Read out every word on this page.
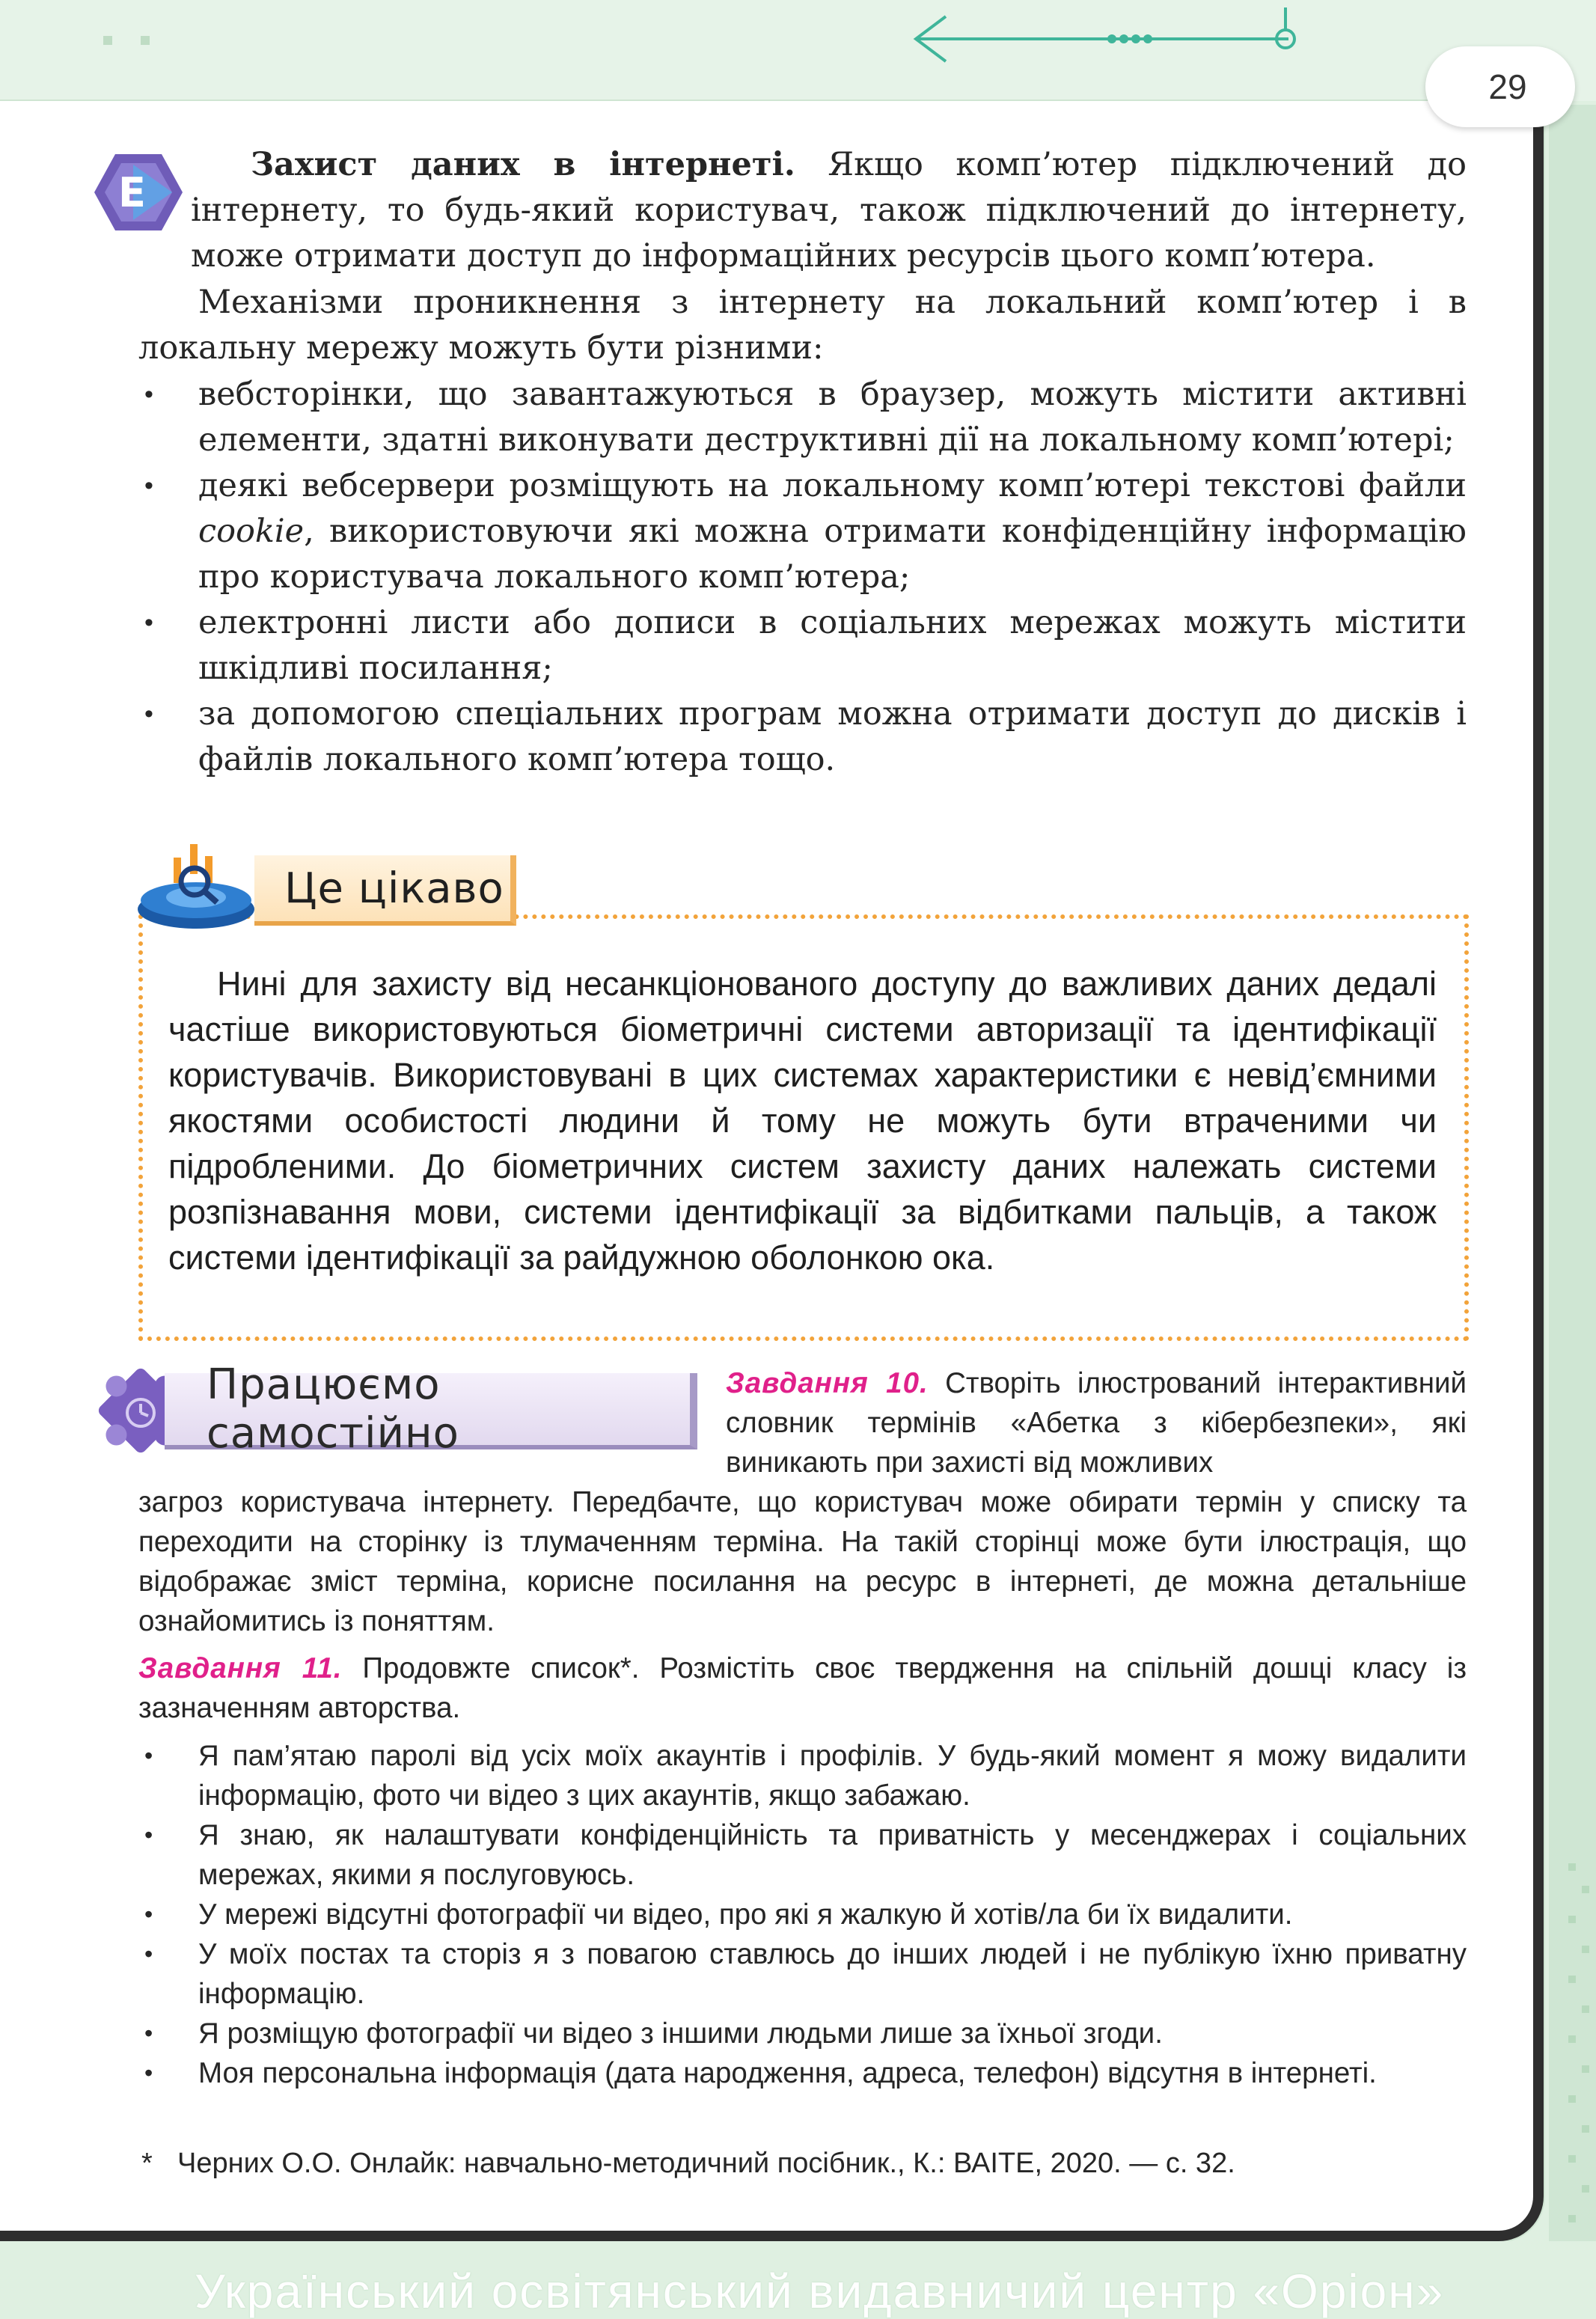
29
E

Захист даних в інтернеті. Якщо комп’ютер підключений до інтернету, то будь-який користувач, також підключений до інтернету, може отримати доступ до інформаційних ресурсів цього комп’ютера.

Механізми проникнення з інтернету на локальний комп’ютер і в локальну мережу можуть бути різними:

• вебсторінки, що завантажуються в браузер, можуть містити активні елементи, здатні виконувати деструктивні дії на локальному комп’ютері;
• деякі вебсервери розміщують на локальному комп’ютері текстові файли cookie, використовуючи які можна отримати конфіденційну інформацію про користувача локального комп’ютера;
• електронні листи або дописи в соціальних мережах можуть містити шкідливі посилання;
• за допомогою спеціальних програм можна отримати доступ до дисків і файлів локального комп’ютера тощо.
Це цікаво

Нині для захисту від несанкціонованого доступу до важливих даних дедалі частіше використовуються біометричні системи авторизації та ідентифікації користувачів. Використовувані в цих системах характеристики є невід’ємними якостями особистості людини й тому не можуть бути втраченими чи підробленими. До біометричних систем захисту даних належать системи розпізнавання мови, системи ідентифікації за відбитками пальців, а також системи ідентифікації за райдужною оболонкою ока.

Працюємо самостійно

Завдання 10. Створіть ілюстрований інтерактивний словник термінів «Абетка з кібербезпеки», які виникають при захисті від можливих

загроз користувача інтернету. Передбачте, що користувач може обирати термін у списку та переходити на сторінку із тлумаченням терміна. На такій сторінці може бути ілюстрація, що відображає зміст терміна, корисне посилання на ресурс в інтернеті, де можна детальніше ознайомитись із поняттям.

Завдання 11. Продовжте список*. Розмістіть своє твердження на спільній дошці класу із зазначенням авторства.

• Я пам’ятаю паролі від усіх моїх акаунтів і профілів. У будь-який момент я можу видалити інформацію, фото чи відео з цих акаунтів, якщо забажаю.
• Я знаю, як налаштувати конфіденційність та приватність у месенджерах і соціальних мережах, якими я послуговуюсь.
• У мережі відсутні фотографії чи відео, про які я жалкую й хотів/ла би їх видалити.
• У моїх постах та сторіз я з повагою ставлюсь до інших людей і не публікую їхню приватну інформацію.
• Я розміщую фотографії чи відео з іншими людьми лише за їхньої згоди.
• Моя персональна інформація (дата народження, адреса, телефон) відсутня в інтернеті.

* Черних О.О. Онлайк: навчально-методичний посібник., К.: ВАІТЕ, 2020. — с. 32.

Український освітянський видавничий центр «Оріон»
